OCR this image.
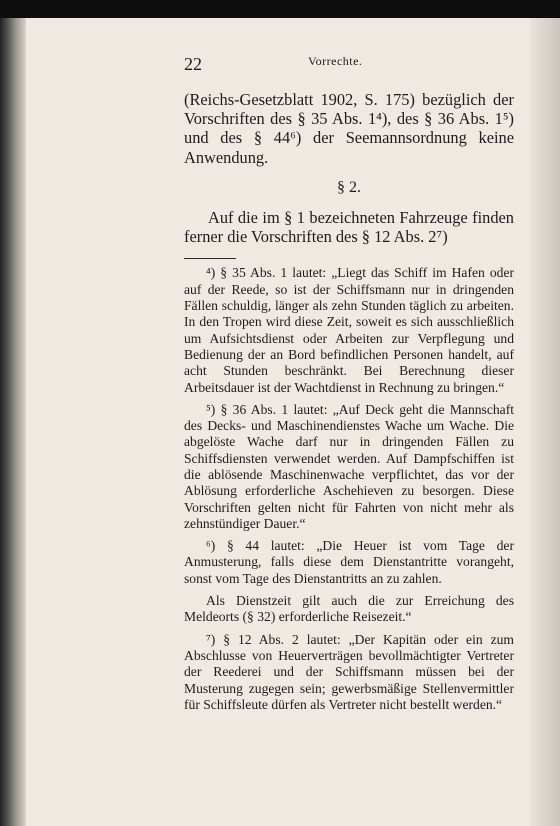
22	Vorrechte.

(Reichs-Gesetzblatt 1902, S. 175) bezüglich der Vorschriften des § 35 Abs. 1⁴), des § 36 Abs. 1⁵) und des § 44⁶) der Seemannsordnung keine Anwendung.

§ 2.

Auf die im § 1 bezeichneten Fahrzeuge finden ferner die Vorschriften des § 12 Abs. 2⁷)

⁴) § 35 Abs. 1 lautet: „Liegt das Schiff im Hafen oder auf der Reede, so ist der Schiffsmann nur in dringenden Fällen schuldig, länger als zehn Stunden täglich zu arbeiten. In den Tropen wird diese Zeit, soweit es sich ausschließlich um Aufsichtsdienst oder Arbeiten zur Verpflegung und Bedienung der an Bord befindlichen Personen handelt, auf acht Stunden beschränkt. Bei Berechnung dieser Arbeitsdauer ist der Wachtdienst in Rechnung zu bringen.“

⁵) § 36 Abs. 1 lautet: „Auf Deck geht die Mannschaft des Decks- und Maschinendienstes Wache um Wache. Die abgelöste Wache darf nur in dringenden Fällen zu Schiffsdiensten verwendet werden. Auf Dampfschiffen ist die ablösende Maschinenwache verpflichtet, das vor der Ablösung erforderliche Aschehieven zu besorgen. Diese Vorschriften gelten nicht für Fahrten von nicht mehr als zehnstündiger Dauer.“

⁶) § 44 lautet: „Die Heuer ist vom Tage der Anmusterung, falls diese dem Dienstantritte vorangeht, sonst vom Tage des Dienstantritts an zu zahlen.

Als Dienstzeit gilt auch die zur Erreichung des Meldeorts (§ 32) erforderliche Reisezeit.“

⁷) § 12 Abs. 2 lautet: „Der Kapitän oder ein zum Abschlusse von Heuerverträgen bevollmächtigter Vertreter der Reederei und der Schiffsmann müssen bei der Musterung zugegen sein; gewerbsmäßige Stellenvermittler für Schiffsleute dürfen als Vertreter nicht bestellt werden.“
